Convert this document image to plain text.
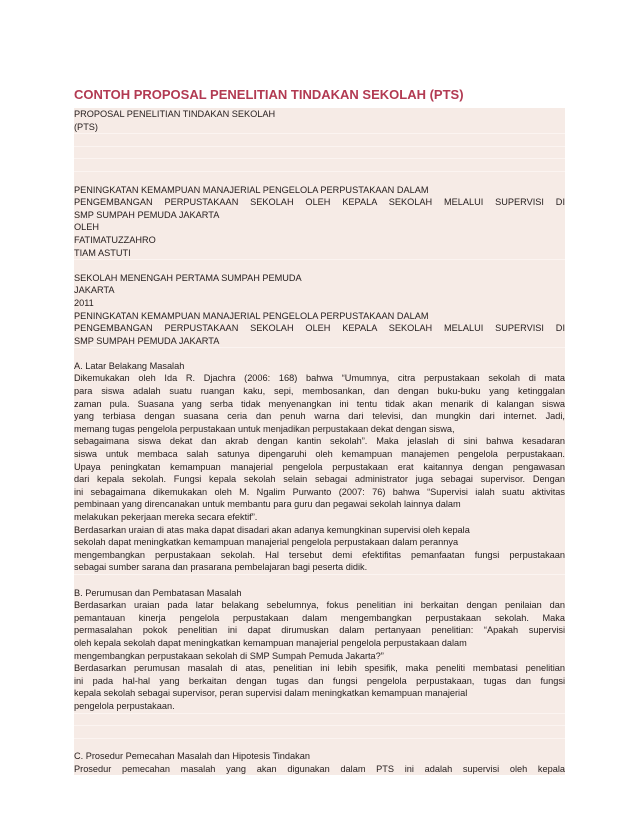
CONTOH PROPOSAL PENELITIAN TINDAKAN SEKOLAH (PTS)
PROPOSAL PENELITIAN TINDAKAN SEKOLAH
(PTS)
PENINGKATAN KEMAMPUAN MANAJERIAL PENGELOLA PERPUSTAKAAN DALAM
PENGEMBANGAN PERPUSTAKAAN SEKOLAH OLEH KEPALA SEKOLAH MELALUI SUPERVISI DI
SMP SUMPAH PEMUDA JAKARTA
OLEH
FATIMATUZZAHRO
TIAM ASTUTI
SEKOLAH MENENGAH PERTAMA SUMPAH PEMUDA
JAKARTA
2011
PENINGKATAN KEMAMPUAN MANAJERIAL PENGELOLA PERPUSTAKAAN DALAM
PENGEMBANGAN PERPUSTAKAAN SEKOLAH OLEH KEPALA SEKOLAH MELALUI SUPERVISI DI
SMP SUMPAH PEMUDA JAKARTA
A. Latar Belakang Masalah
Dikemukakan oleh Ida R. Djachra (2006: 168) bahwa “Umumnya, citra perpustakaan sekolah di mata
para siswa adalah suatu ruangan kaku, sepi, membosankan, dan dengan buku-buku yang ketinggalan
zaman pula. Suasana yang serba tidak menyenangkan ini tentu tidak akan menarik di kalangan siswa
yang terbiasa dengan suasana ceria dan penuh warna dari televisi, dan mungkin dari internet. Jadi,
memang tugas pengelola perpustakaan untuk menjadikan perpustakaan dekat dengan siswa,
sebagaimana siswa dekat dan akrab dengan kantin sekolah”. Maka jelaslah di sini bahwa kesadaran
siswa untuk membaca salah satunya dipengaruhi oleh kemampuan manajemen pengelola perpustakaan.
Upaya peningkatan kemampuan manajerial pengelola perpustakaan erat kaitannya dengan pengawasan
dari kepala sekolah. Fungsi kepala sekolah selain sebagai administrator juga sebagai supervisor. Dengan
ini sebagaimana dikemukakan oleh M. Ngalim Purwanto (2007: 76) bahwa “Supervisi ialah suatu aktivitas
pembinaan yang direncanakan untuk membantu para guru dan pegawai sekolah lainnya dalam
melakukan pekerjaan mereka secara efektif”.
Berdasarkan uraian di atas maka dapat disadari akan adanya kemungkinan supervisi oleh kepala
sekolah dapat meningkatkan kemampuan manajerial pengelola perpustakaan dalam perannya
mengembangkan perpustakaan sekolah. Hal tersebut demi efektifitas pemanfaatan fungsi perpustakaan
sebagai sumber sarana dan prasarana pembelajaran bagi peserta didik.
B. Perumusan dan Pembatasan Masalah
Berdasarkan uraian pada latar belakang sebelumnya, fokus penelitian ini berkaitan dengan penilaian dan
pemantauan kinerja pengelola perpustakaan dalam mengembangkan perpustakaan sekolah. Maka
permasalahan pokok penelitian ini dapat dirumuskan dalam pertanyaan penelitian: “Apakah supervisi
oleh kepala sekolah dapat meningkatkan kemampuan manajerial pengelola perpustakaan dalam
mengembangkan perpustakaan sekolah di SMP Sumpah Pemuda Jakarta?”
Berdasarkan perumusan masalah di atas, penelitian ini lebih spesifik, maka peneliti membatasi penelitian
ini pada hal-hal yang berkaitan dengan tugas dan fungsi pengelola perpustakaan, tugas dan fungsi
kepala sekolah sebagai supervisor, peran supervisi dalam meningkatkan kemampuan manajerial
pengelola perpustakaan.
C. Prosedur Pemecahan Masalah dan Hipotesis Tindakan
Prosedur pemecahan masalah yang akan digunakan dalam PTS ini adalah supervisi oleh kepala
